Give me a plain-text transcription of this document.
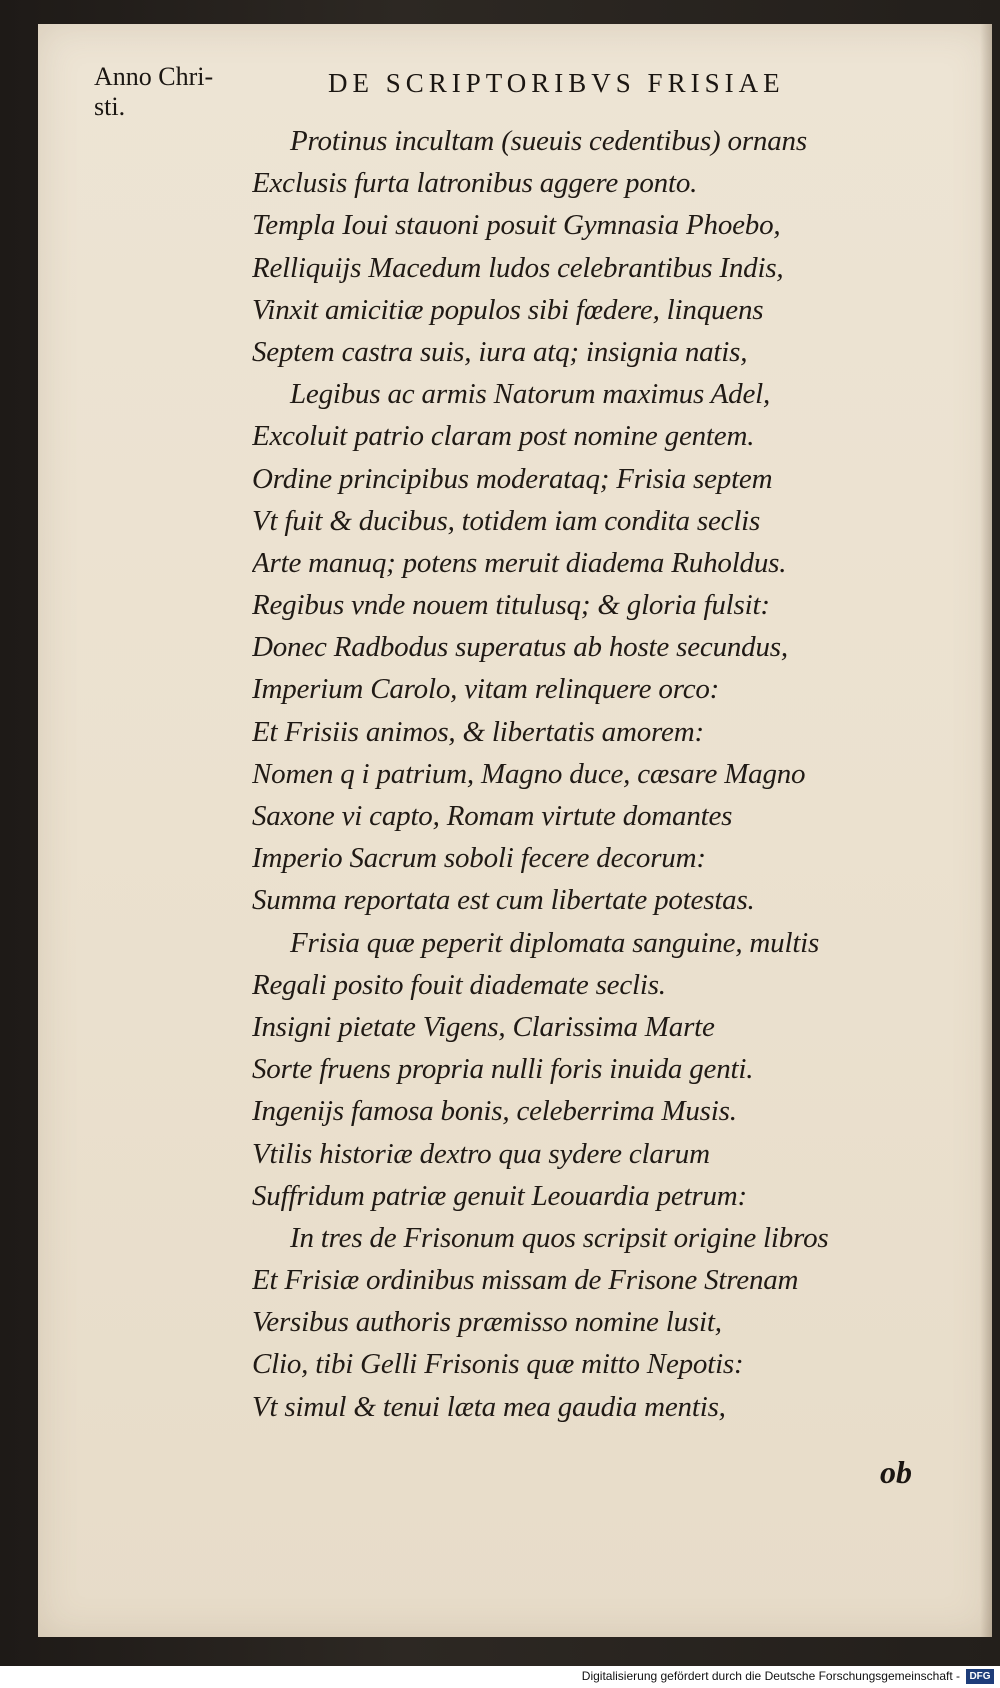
Anno Chri-
sti.
DE SCRIPTORIBVS FRISIAE
Protinus incultam (sueuis cedentibus) ornans
Exclusis furta latronibus aggere ponto.
Templa Ioui stauoni posuit Gymnasia Phoebo,
Relliquijs Macedum ludos celebrantibus Indis,
Vinxit amicitiæ populos sibi fœdere, linquens
Septem castra suis, iura atq; insignia natis,
Legibus ac armis Natorum maximus Adel,
Excoluit patrio claram post nomine gentem.
Ordine principibus moderataq; Frisia septem
Vt fuit & ducibus, totidem iam condita seclis
Arte manuq; potens meruit diadema Ruholdus.
Regibus vnde nouem titulusq; & gloria fulsit:
Donec Radbodus superatus ab hoste secundus,
Imperium Carolo, vitam relinquere orco:
Et Frisiis animos, & libertatis amorem:
Nomen q i patrium, Magno duce, cæsare Magno
Saxone vi capto, Romam virtute domantes
Imperio Sacrum soboli fecere decorum:
Summa reportata est cum libertate potestas.
Frisia quæ peperit diplomata sanguine, multis
Regali posito fouit diademate seclis.
Insigni pietate Vigens, Clarissima Marte
Sorte fruens propria nulli foris inuida genti.
Ingenijs famosa bonis, celeberrima Musis.
Vtilis historiæ dextro qua sydere clarum
Suffridum patriæ genuit Leouardia petrum:
In tres de Frisonum quos scripsit origine libros
Et Frisiæ ordinibus missam de Frisone Strenam
Versibus authoris præmisso nomine lusit,
Clio, tibi Gelli Frisonis quæ mitto Nepotis:
Vt simul & tenui læta mea gaudia mentis,
ob
Digitalisierung gefördert durch die Deutsche Forschungsgemeinschaft - DFG
